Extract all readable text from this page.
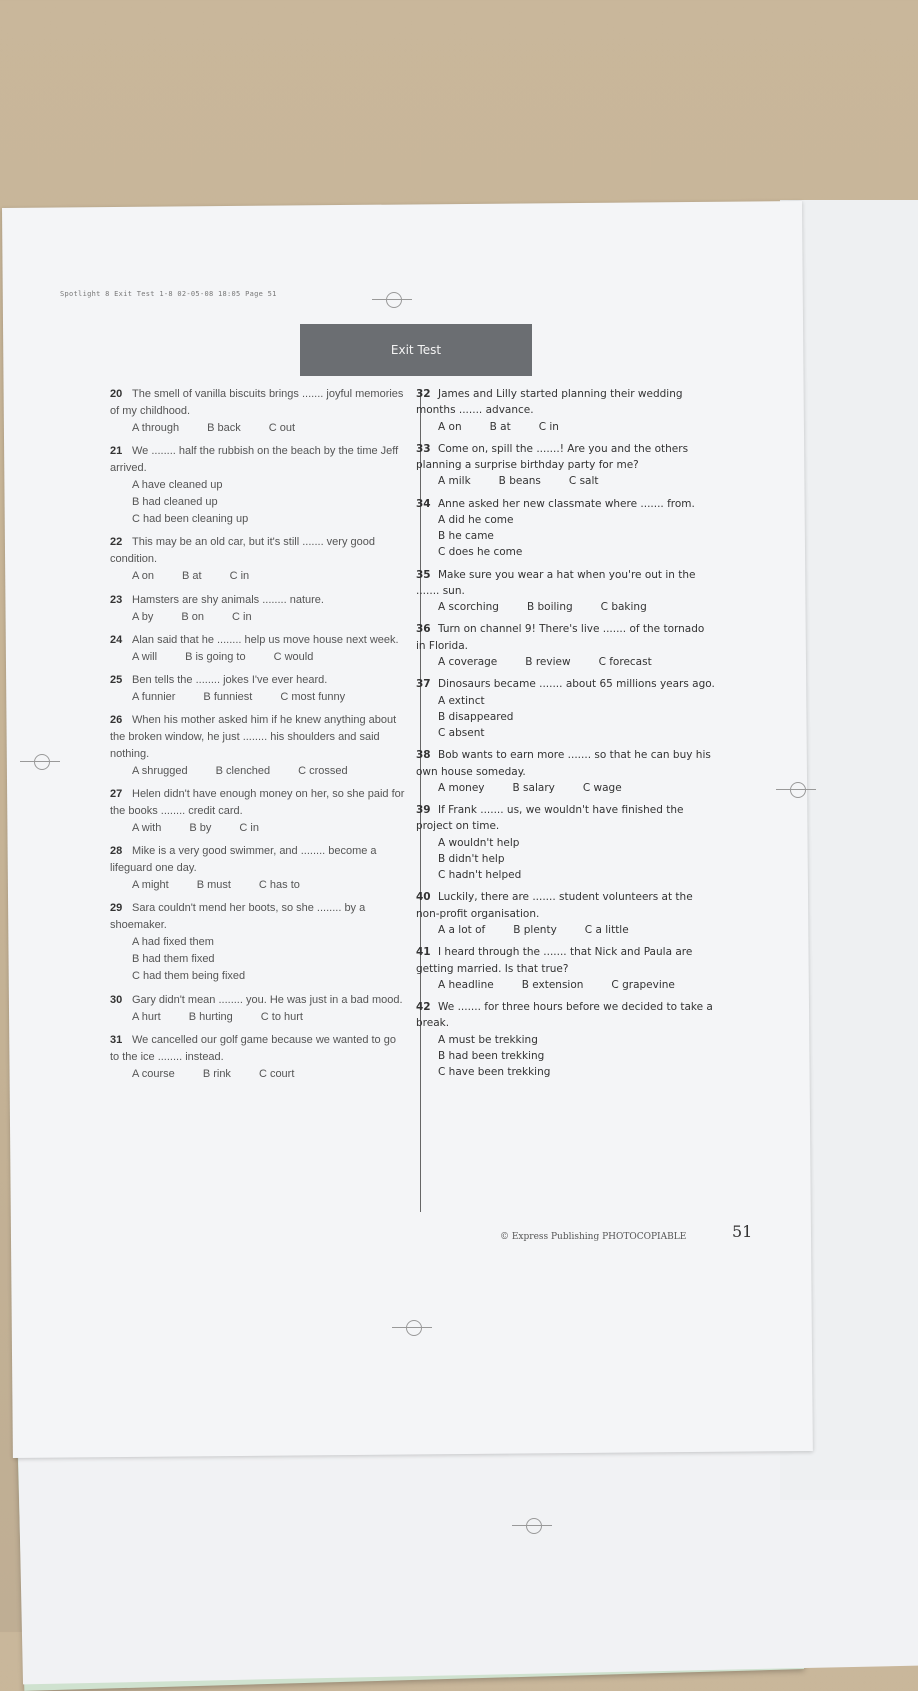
Spotlight 8 Exit Test 1-8 02-05-08 18:05 Page 51
Exit Test
20 The smell of vanilla biscuits brings ....... joyful memories of my childhood.
A through	B back	C out
21 We ........ half the rubbish on the beach by the time Jeff arrived.
A have cleaned up
B had cleaned up
C had been cleaning up
22 This may be an old car, but it's still ....... very good condition.
A on	B at	C in
23 Hamsters are shy animals ........ nature.
A by	B on	C in
24 Alan said that he ........ help us move house next week.
A will	B is going to	C would
25 Ben tells the ........ jokes I've ever heard.
A funnier	B funniest	C most funny
26 When his mother asked him if he knew anything about the broken window, he just ........ his shoulders and said nothing.
A shrugged	B clenched	C crossed
27 Helen didn't have enough money on her, so she paid for the books ........ credit card.
A with	B by	C in
28 Mike is a very good swimmer, and ........ become a lifeguard one day.
A might	B must	C has to
29 Sara couldn't mend her boots, so she ........ by a shoemaker.
A had fixed them
B had them fixed
C had them being fixed
30 Gary didn't mean ........ you. He was just in a bad mood.
A hurt	B hurting	C to hurt
31 We cancelled our golf game because we wanted to go to the ice ........ instead.
A course	B rink	C court
32 James and Lilly started planning their wedding months ....... advance.
A on	B at	C in
33 Come on, spill the .......! Are you and the others planning a surprise birthday party for me?
A milk	B beans	C salt
34 Anne asked her new classmate where ....... from.
A did he come
B he came
C does he come
35 Make sure you wear a hat when you're out in the ....... sun.
A scorching	B boiling	C baking
36 Turn on channel 9! There's live ....... of the tornado in Florida.
A coverage	B review	C forecast
37 Dinosaurs became ....... about 65 millions years ago.
A extinct
B disappeared
C absent
38 Bob wants to earn more ....... so that he can buy his own house someday.
A money	B salary	C wage
39 If Frank ....... us, we wouldn't have finished the project on time.
A wouldn't help
B didn't help
C hadn't helped
40 Luckily, there are ....... student volunteers at the non-profit organisation.
A a lot of	B plenty	C a little
41 I heard through the ....... that Nick and Paula are getting married. Is that true?
A headline	B extension	C grapevine
42 We ....... for three hours before we decided to take a break.
A must be trekking
B had been trekking
C have been trekking
© Express Publishing PHOTOCOPIABLE	51
